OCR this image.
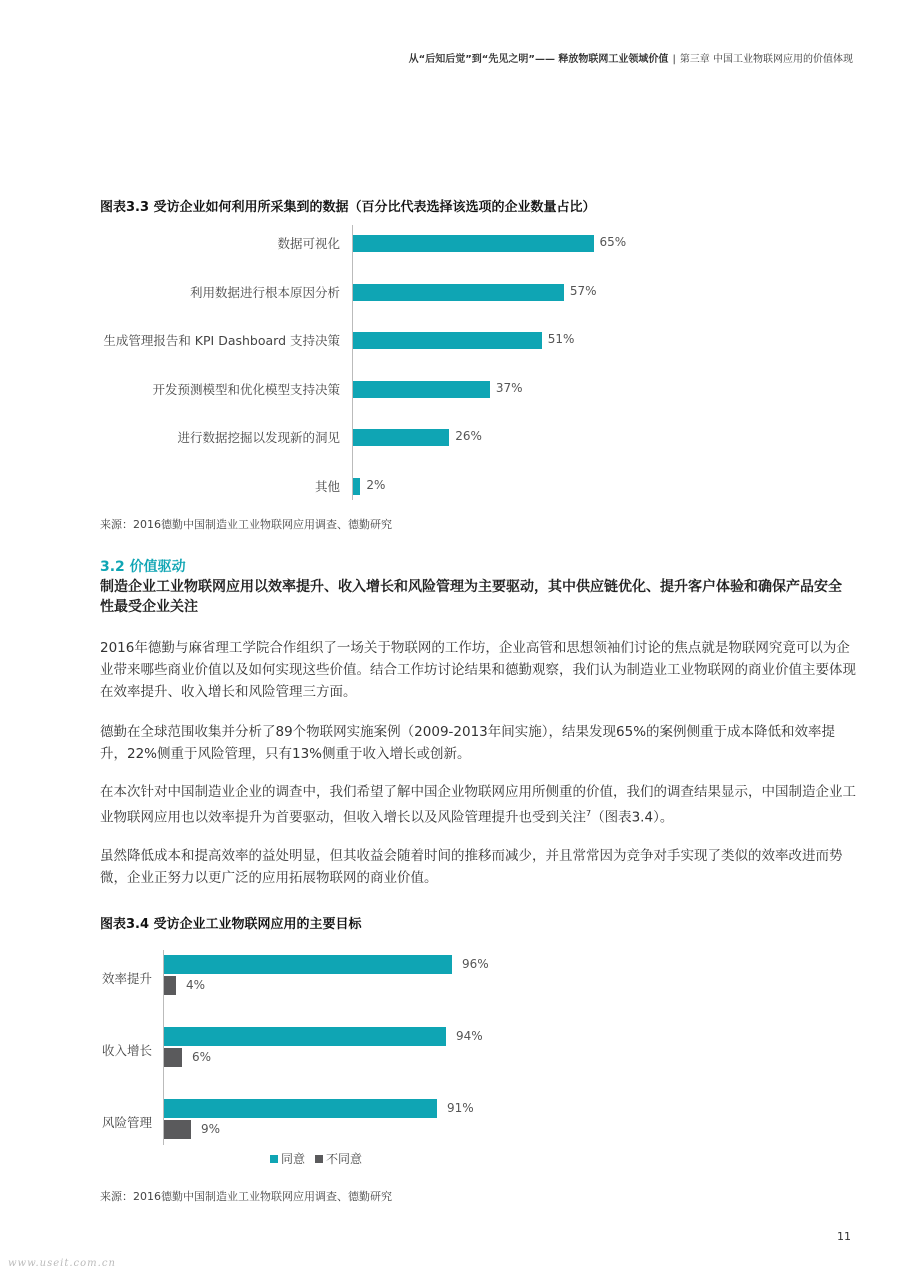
从“后知后觉”到“先见之明”—— 释放物联网工业领域价值 | 第三章 中国工业物联网应用的价值体现
图表3.3 受访企业如何利用所采集到的数据（百分比代表选择该选项的企业数量占比）
数据可视化	65%
利用数据进行根本原因分析	57%
生成管理报告和 KPI Dashboard 支持决策	51%
开发预测模型和优化模型支持决策	37%
进行数据挖掘以发现新的洞见	26%
其他 2%
来源：2016德勤中国制造业工业物联网应用调查、德勤研究
3.2 价值驱动
制造企业工业物联网应用以效率提升、收入增长和风险管理为主要驱动，其中供应链优化、提升客户体验和确保产品安全性最受企业关注
2016年德勤与麻省理工学院合作组织了一场关于物联网的工作坊，企业高管和思想领袖们讨论的焦点就是物联网究竟可以为企业带来哪些商业价值以及如何实现这些价值。结合工作坊讨论结果和德勤观察，我们认为制造业工业物联网的商业价值主要体现在效率提升、收入增长和风险管理三方面。
德勤在全球范围收集并分析了89个物联网实施案例（2009-2013年间实施），结果发现65%的案例侧重于成本降低和效率提升，22%侧重于风险管理，只有13%侧重于收入增长或创新。
在本次针对中国制造业企业的调查中，我们希望了解中国企业物联网应用所侧重的价值，我们的调查结果显示，中国制造企业工业物联网应用也以效率提升为首要驱动，但收入增长以及风险管理提升也受到关注$^7$（图表3.4）。
虽然降低成本和提高效率的益处明显，但其收益会随着时间的推移而减少，并且常常因为竞争对手实现了类似的效率改进而势微，企业正努力以更广泛的应用拓展物联网的商业价值。
图表3.4 受访企业工业物联网应用的主要目标
同意 不同意
效率提升
96%
4%
收入增长
94%
6%
风险管理
91%
9%
来源：2016德勤中国制造业工业物联网应用调查、德勤研究
11
www.useit.com.cn
